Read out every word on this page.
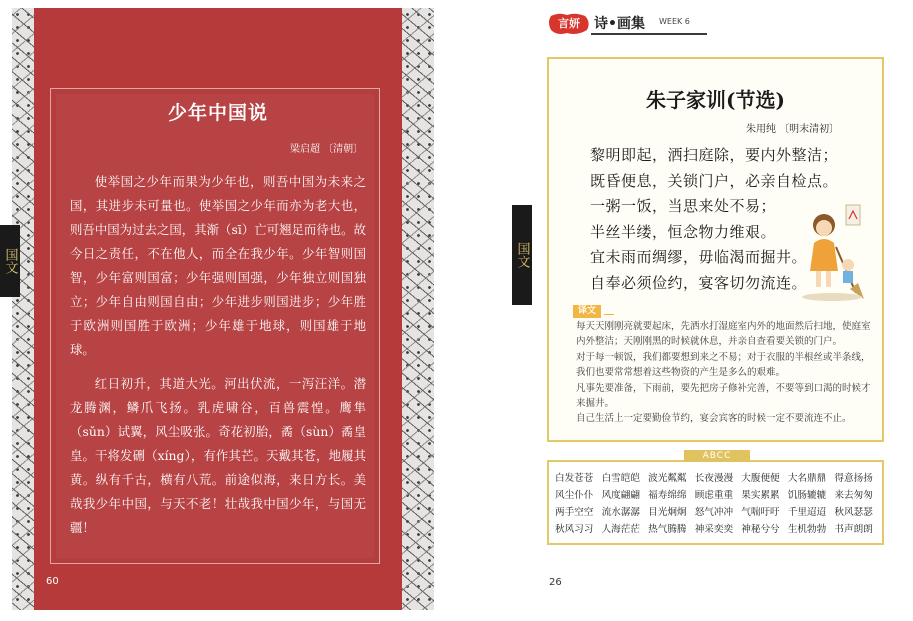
国文
少年中国说
梁启超 〔清朝〕

使举国之少年而果为少年也，则吾中国为未来之国，其进步未可量也。使举国之少年而亦为老大也，则吾中国为过去之国，其渐（sī）亡可翘足而待也。故今日之责任，不在他人，而全在我少年。少年智则国智，少年富则国富；少年强则国强，少年独立则国独立；少年自由则国自由；少年进步则国进步；少年胜于欧洲则国胜于欧洲；少年雄于地球，则国雄于地球。

红日初升，其道大光。河出伏流，一泻汪洋。潜龙腾渊，鳞爪飞扬。乳虎啸谷，百兽震惶。鹰隼（sǔn）试翼，风尘吸张。奇花初胎，矞（sùn）矞皇皇。干将发硎（xíng），有作其芒。天戴其苍，地履其黄。纵有千古，横有八荒。前途似海，来日方长。美哉我少年中国，与天不老！壮哉我中国少年，与国无疆！

60
言妍	诗•画集 WEEK 6
国文
朱子家训(节选)
朱用纯 〔明末清初〕
黎明即起，洒扫庭除，要内外整洁；
既昏便息，关锁门户，必亲自检点。
一粥一饭，当思来处不易；
半丝半缕，恒念物力维艰。
宜未雨而绸缪，毋临渴而掘井。
自奉必须俭约，宴客切勿流连。
译文
每天天刚刚亮就要起床，先洒水打湿庭室内外的地面然后扫地，使庭室内外整洁；天刚刚黑的时候就休息，并亲自查看要关锁的门户。
对于每一顿饭，我们都要想到来之不易；对于衣服的半根丝或半条线，我们也要常常想着这些物资的产生是多么的艰难。
凡事先要准备，下雨前，要先把房子修补完善，不要等到口渴的时候才来掘井。
自己生活上一定要勤俭节约，宴会宾客的时候一定不要流连不止。
ABCC
白发苍苍 白雪皑皑 波光粼粼 长夜漫漫 大腹便便 大名鼎鼎 得意扬扬
风尘仆仆 风度翩翩 福寿绵绵 顾虑重重 果实累累 饥肠辘辘 来去匆匆
两手空空 流水潺潺 目光炯炯 怒气冲冲 气喘吁吁 千里迢迢 秋风瑟瑟
秋风习习 人海茫茫 热气腾腾 神采奕奕 神秘兮兮 生机勃勃 书声朗朗
26
